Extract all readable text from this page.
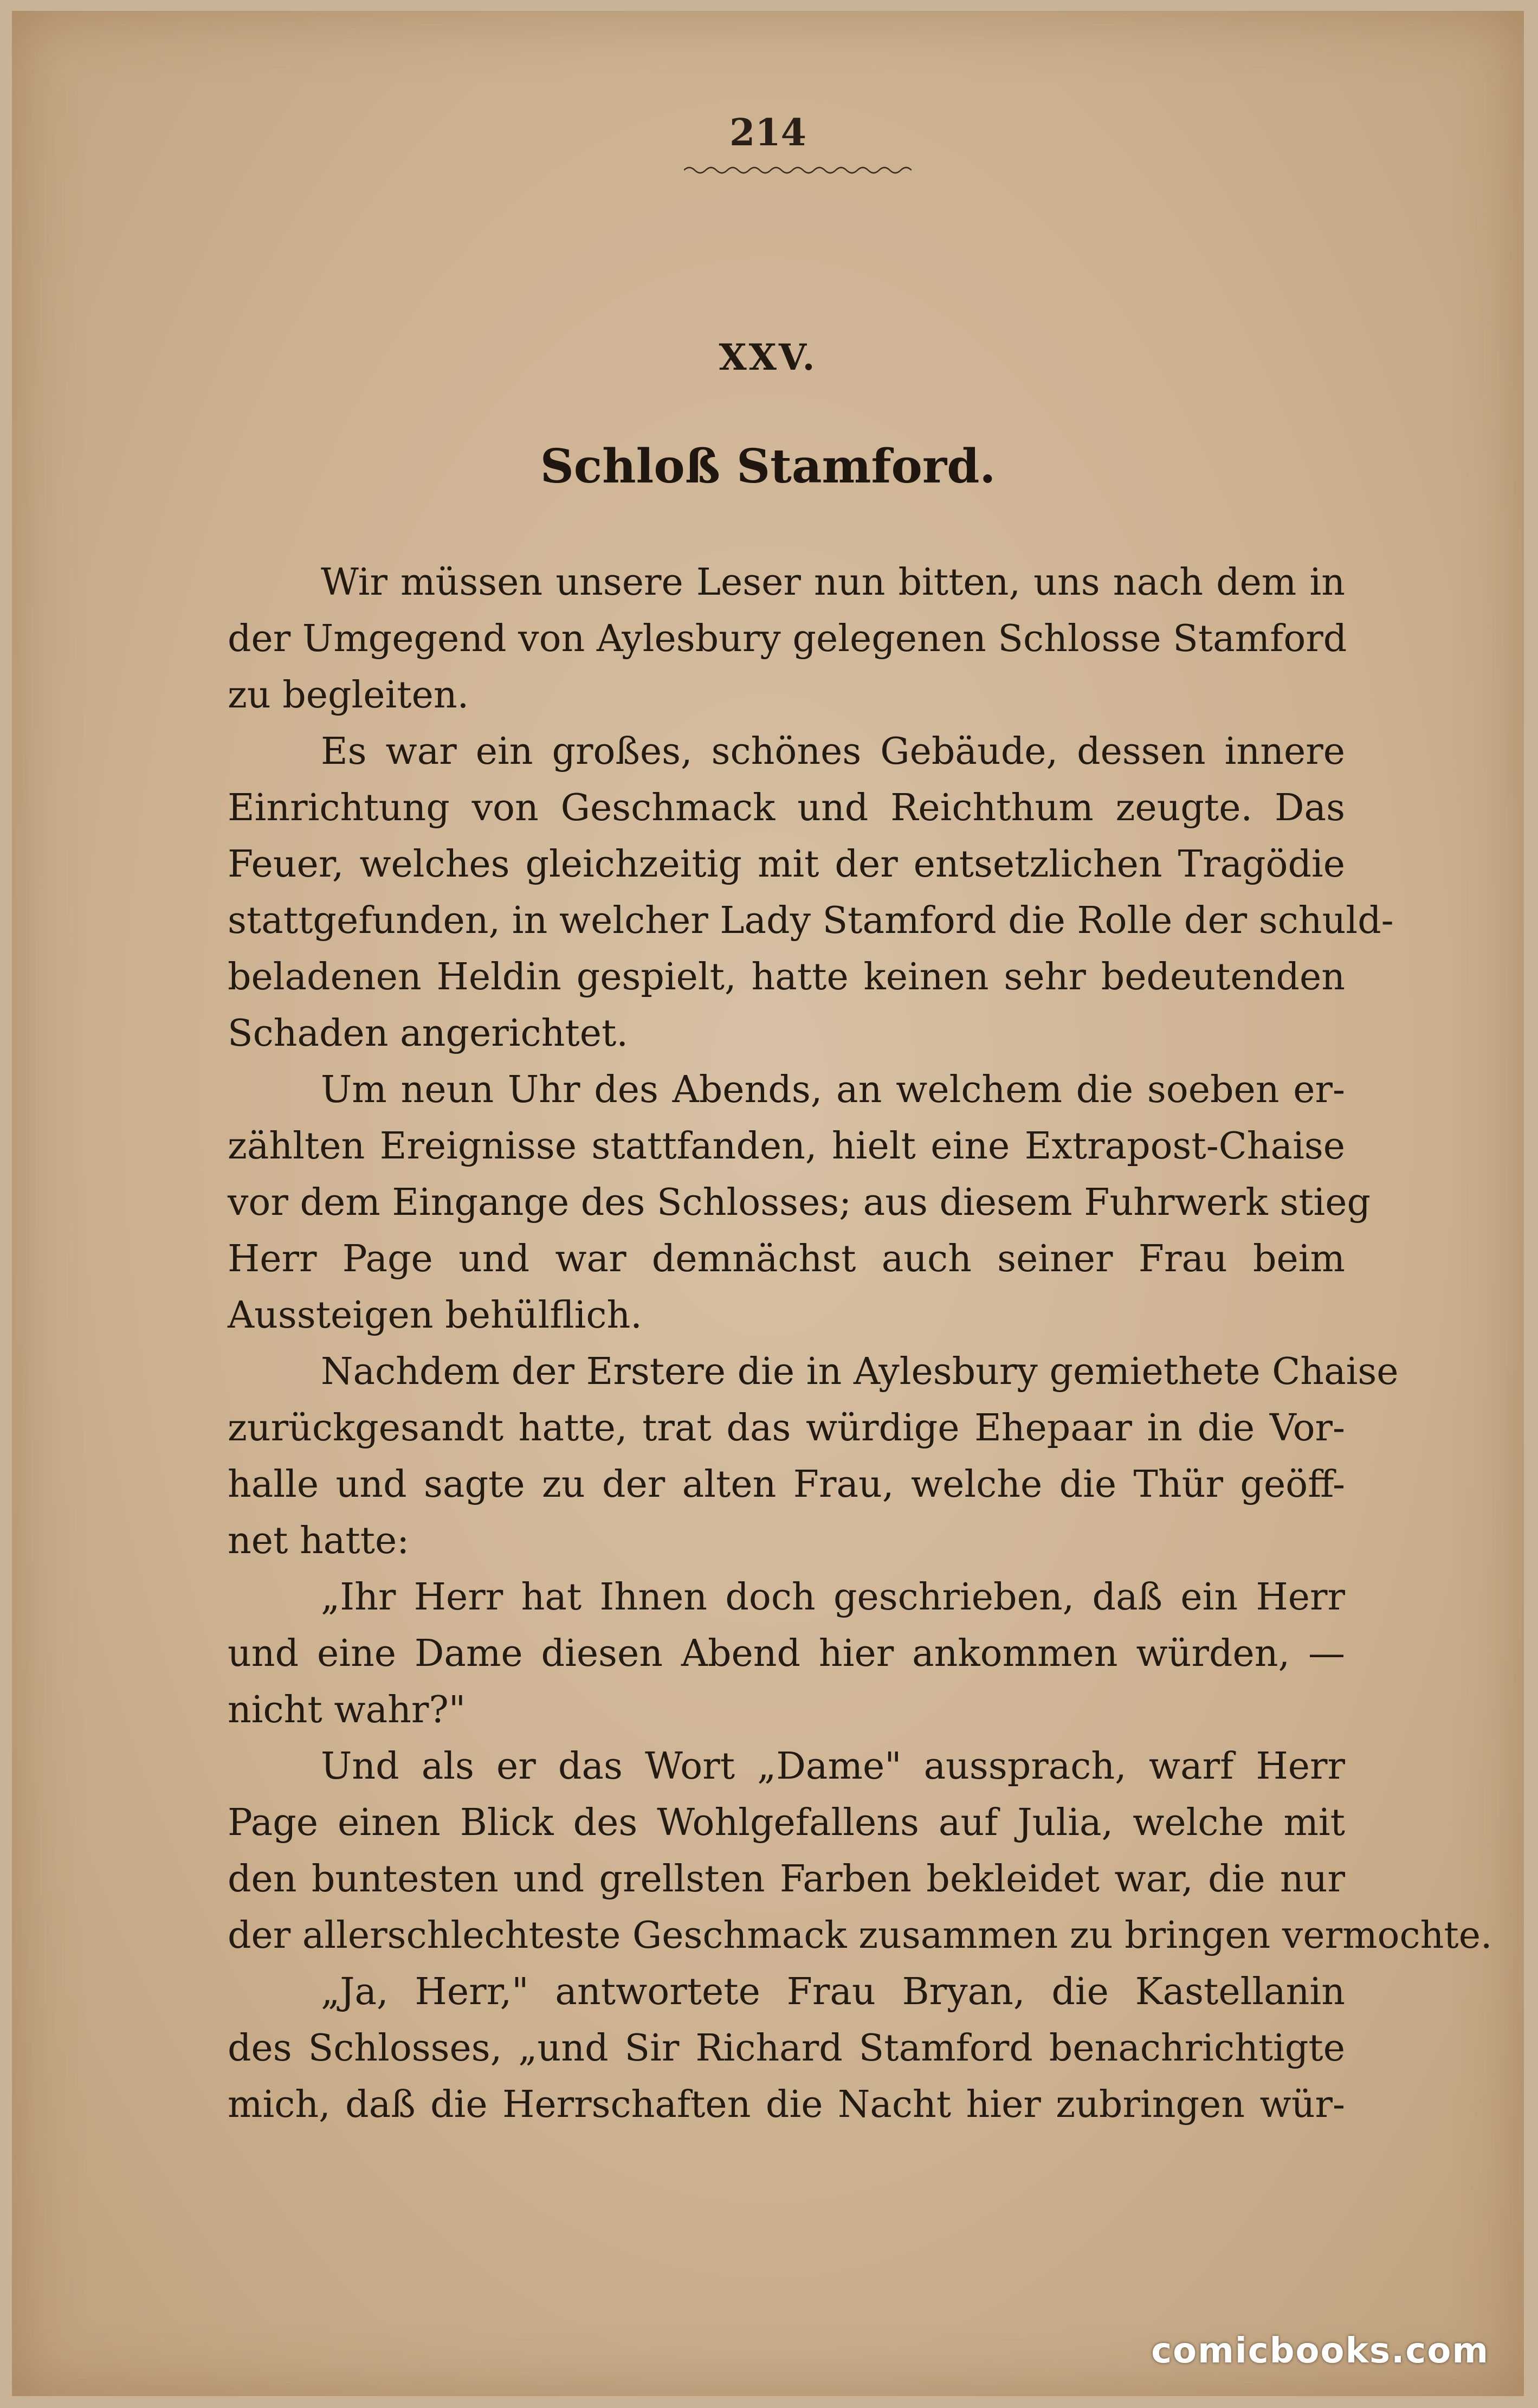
214
XXV.
Schloß Stamford.
Wir müssen unsere Leser nun bitten, uns nach dem in
der Umgegend von Aylesbury gelegenen Schlosse Stamford
zu begleiten.
Es war ein großes, schönes Gebäude, dessen innere
Einrichtung von Geschmack und Reichthum zeugte. Das
Feuer, welches gleichzeitig mit der entsetzlichen Tragödie
stattgefunden, in welcher Lady Stamford die Rolle der schuld-
beladenen Heldin gespielt, hatte keinen sehr bedeutenden
Schaden angerichtet.
Um neun Uhr des Abends, an welchem die soeben er-
zählten Ereignisse stattfanden, hielt eine Extrapost-Chaise
vor dem Eingange des Schlosses; aus diesem Fuhrwerk stieg
Herr Page und war demnächst auch seiner Frau beim
Aussteigen behülflich.
Nachdem der Erstere die in Aylesbury gemiethete Chaise
zurückgesandt hatte, trat das würdige Ehepaar in die Vor-
halle und sagte zu der alten Frau, welche die Thür geöff-
net hatte:
„Ihr Herr hat Ihnen doch geschrieben, daß ein Herr
und eine Dame diesen Abend hier ankommen würden, —
nicht wahr?"
Und als er das Wort „Dame" aussprach, warf Herr
Page einen Blick des Wohlgefallens auf Julia, welche mit
den buntesten und grellsten Farben bekleidet war, die nur
der allerschlechteste Geschmack zusammen zu bringen vermochte.
„Ja, Herr," antwortete Frau Bryan, die Kastellanin
des Schlosses, „und Sir Richard Stamford benachrichtigte
mich, daß die Herrschaften die Nacht hier zubringen wür-
comicbooks.com
